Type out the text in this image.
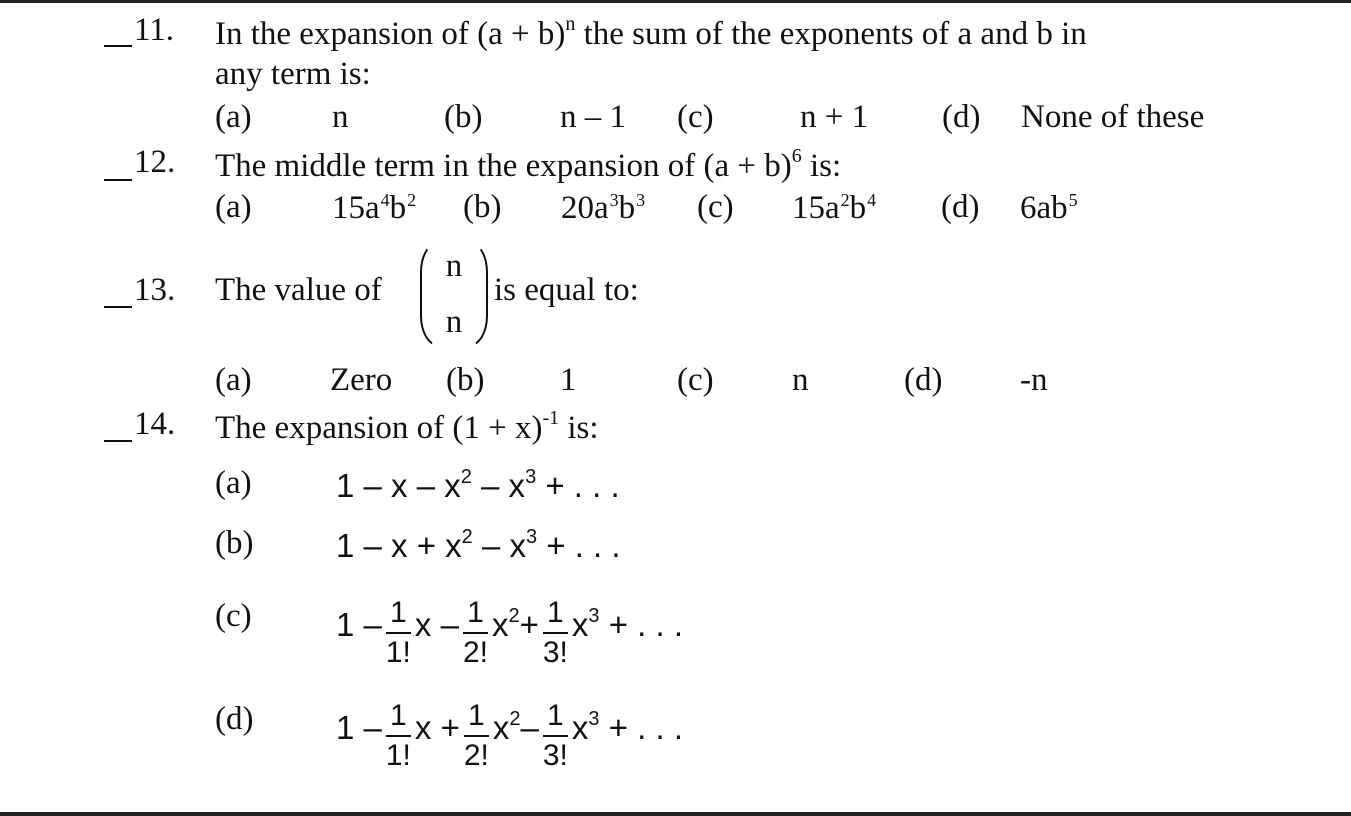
11. In the expansion of $(a + b)^n$ the sum of the exponents of a and b in
any term is:
(a) n	(b) n – 1 (c)	n + 1 (d) None of these
12. The middle term in the expansion of $(a + b)^6$ is:
(a) $15a^4b^2$ (b) $20a^3b^3$ (c) $15a^2b^4$ (d) $6ab^5$
13. The value of
n
n
is equal to:
(a) Zero (b) 1	(c) n	(d) -n
14. The expansion of $(1 + x)^{-1}$ is:
(a)	1 – x – $x^2 - x^3$ + . . .
(b)	$1 - x + x^2 - x^3$ + . . .
(c)	$1 - \frac{1}{1!}$ $x - \frac{1}{2!} x^2+ \frac{1}{3!} x^3$ + . . .
(d)	$1 - \frac{1}{1!}$ $x + \frac{1}{2!} x^2- \frac{1}{3!} x^3$ + . . .
